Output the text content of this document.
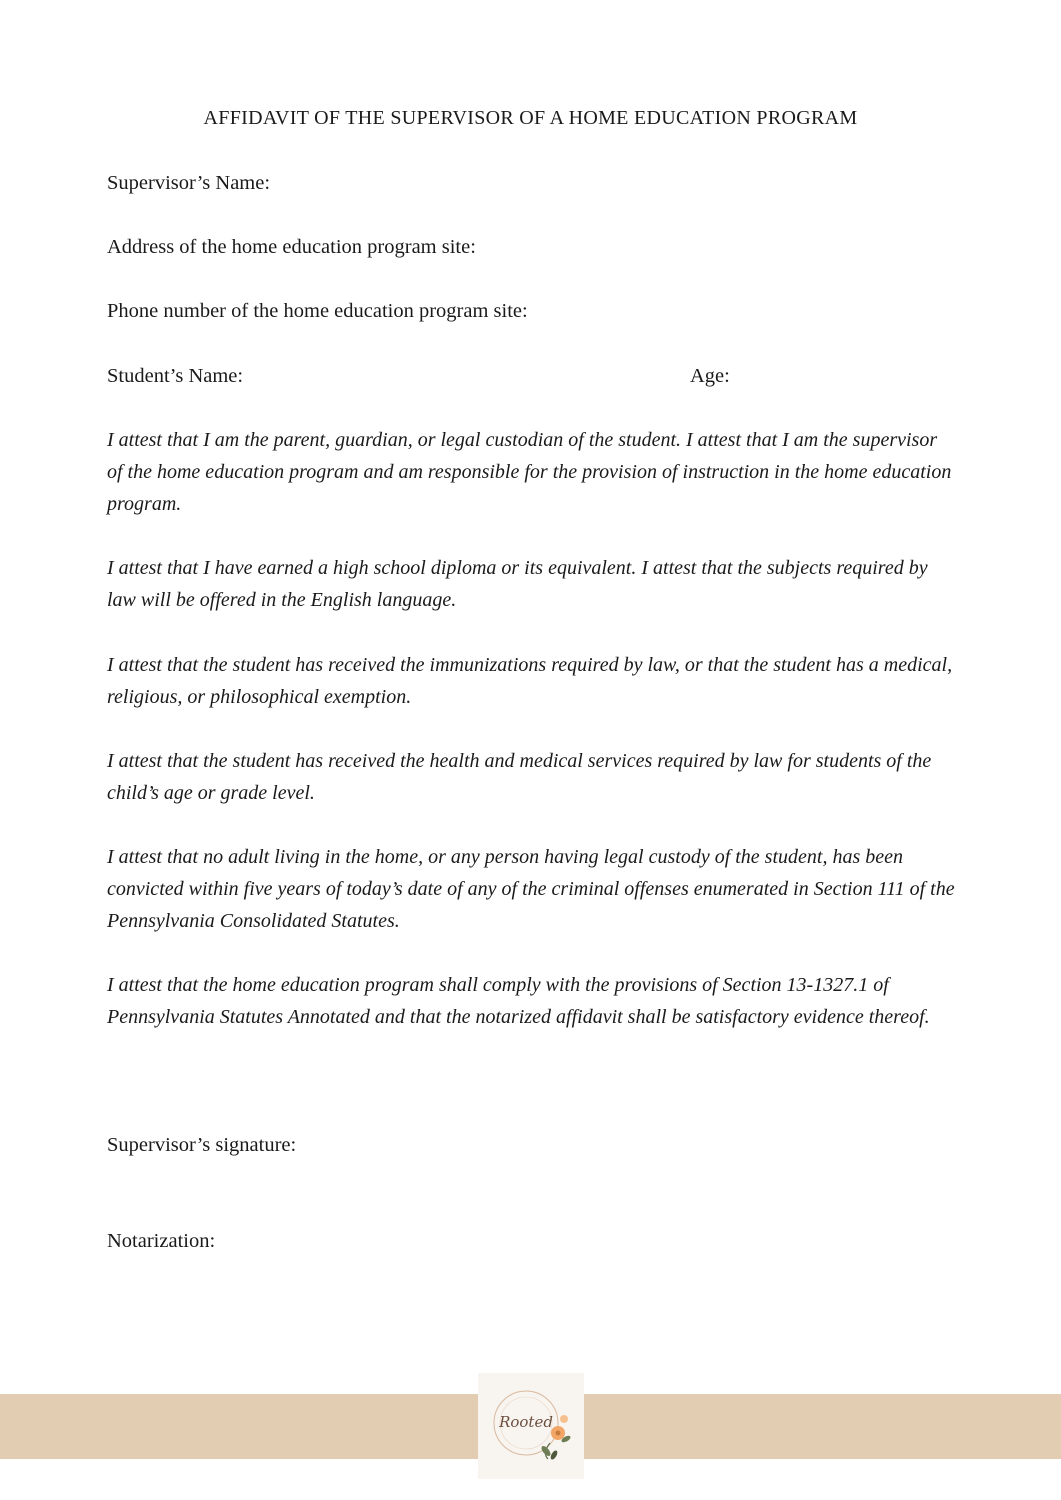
AFFIDAVIT OF THE SUPERVISOR OF A HOME EDUCATION PROGRAM
Supervisor’s Name:
Address of the home education program site:
Phone number of the home education program site:
Student’s Name:	Age:

I attest that I am the parent, guardian, or legal custodian of the student. I attest that I am the supervisor of the home education program and am responsible for the provision of instruction in the home education program.

I attest that I have earned a high school diploma or its equivalent. I attest that the subjects required by law will be offered in the English language.

I attest that the student has received the immunizations required by law, or that the student has a medical, religious, or philosophical exemption.

I attest that the student has received the health and medical services required by law for students of the child’s age or grade level.

I attest that no adult living in the home, or any person having legal custody of the student, has been convicted within five years of today’s date of any of the criminal offenses enumerated in Section 111 of the Pennsylvania Consolidated Statutes.

I attest that the home education program shall comply with the provisions of Section 13-1327.1 of Pennsylvania Statutes Annotated and that the notarized affidavit shall be satisfactory evidence thereof.

Supervisor’s signature:
Notarization:
Rooted
